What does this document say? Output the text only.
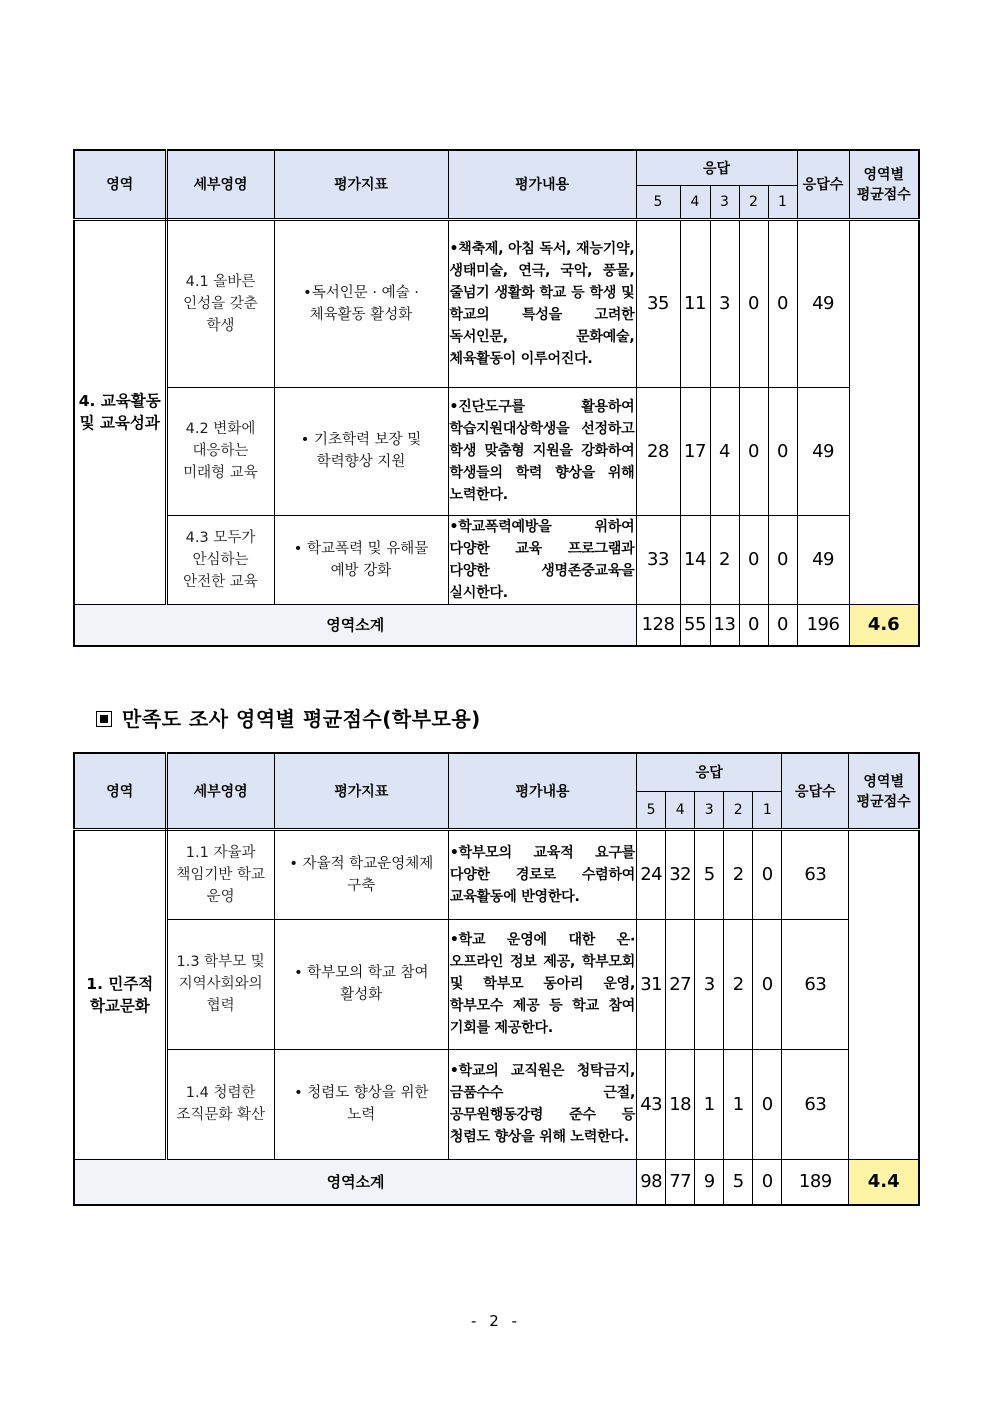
영역	세부영영	평가지표	평가내용	응답					응답수	영역별
평균점수
				5	4	3	2	1		
4. 교육활동
및 교육성과	4.1 올바른
인성을 갖춘
학생	•독서인문 · 예술 ·
체육활동 활성화	•책축제, 아침 독서, 재능기약, 생태미술, 연극, 국악, 풍물, 줄넘기 생활화 학교 등 학생 및 학교의 특성을 고려한 독서인문, 문화예술, 체육활동이 이루어진다.	35	11	3	0	0	49	
	4.2 변화에
대응하는
미래형 교육	• 기초학력 보장 및
학력향상 지원	•진단도구를 활용하여 학습지원대상학생을 선정하고 학생 맞춤형 지원을 강화하여 학생들의 학력 향상을 위해 노력한다.	28	17	4	0	0	49	
	4.3 모두가
안심하는
안전한 교육	• 학교폭력 및 유해물
예방 강화	•학교폭력예방을 위하여 다양한 교육 프로그램과 다양한 생명존중교육을 실시한다.	33	14	2	0	0	49	
영역소계				128	55	13	0	0	196	4.6
만족도 조사 영역별 평균점수(학부모용)
영역	세부영영	평가지표	평가내용	응답					응답수	영역별
평균점수
				5	4	3	2	1		
1. 민주적
학교문화	1.1 자율과
책임기반 학교
운영	• 자율적 학교운영체제
구축	•학부모의 교육적 요구를 다양한 경로로 수렴하여 교육활동에 반영한다.	24	32	5	2	0	63	
	1.3 학부모 및
지역사회와의
협력	• 학부모의 학교 참여
활성화	•학교 운영에 대한 온·오프라인 정보 제공, 학부모회 및 학부모 동아리 운영, 학부모수 제공 등 학교 참여 기회를 제공한다.	31	27	3	2	0	63	
	1.4 청렴한
조직문화 확산	• 청렴도 향상을 위한
노력	•학교의 교직원은 청탁금지, 금품수수 근절, 공무원행동강령 준수 등 청렴도 향상을 위해 노력한다.	43	18	1	1	0	63	
영역소계				98	77	9	5	0	189	4.4
- 2 -
